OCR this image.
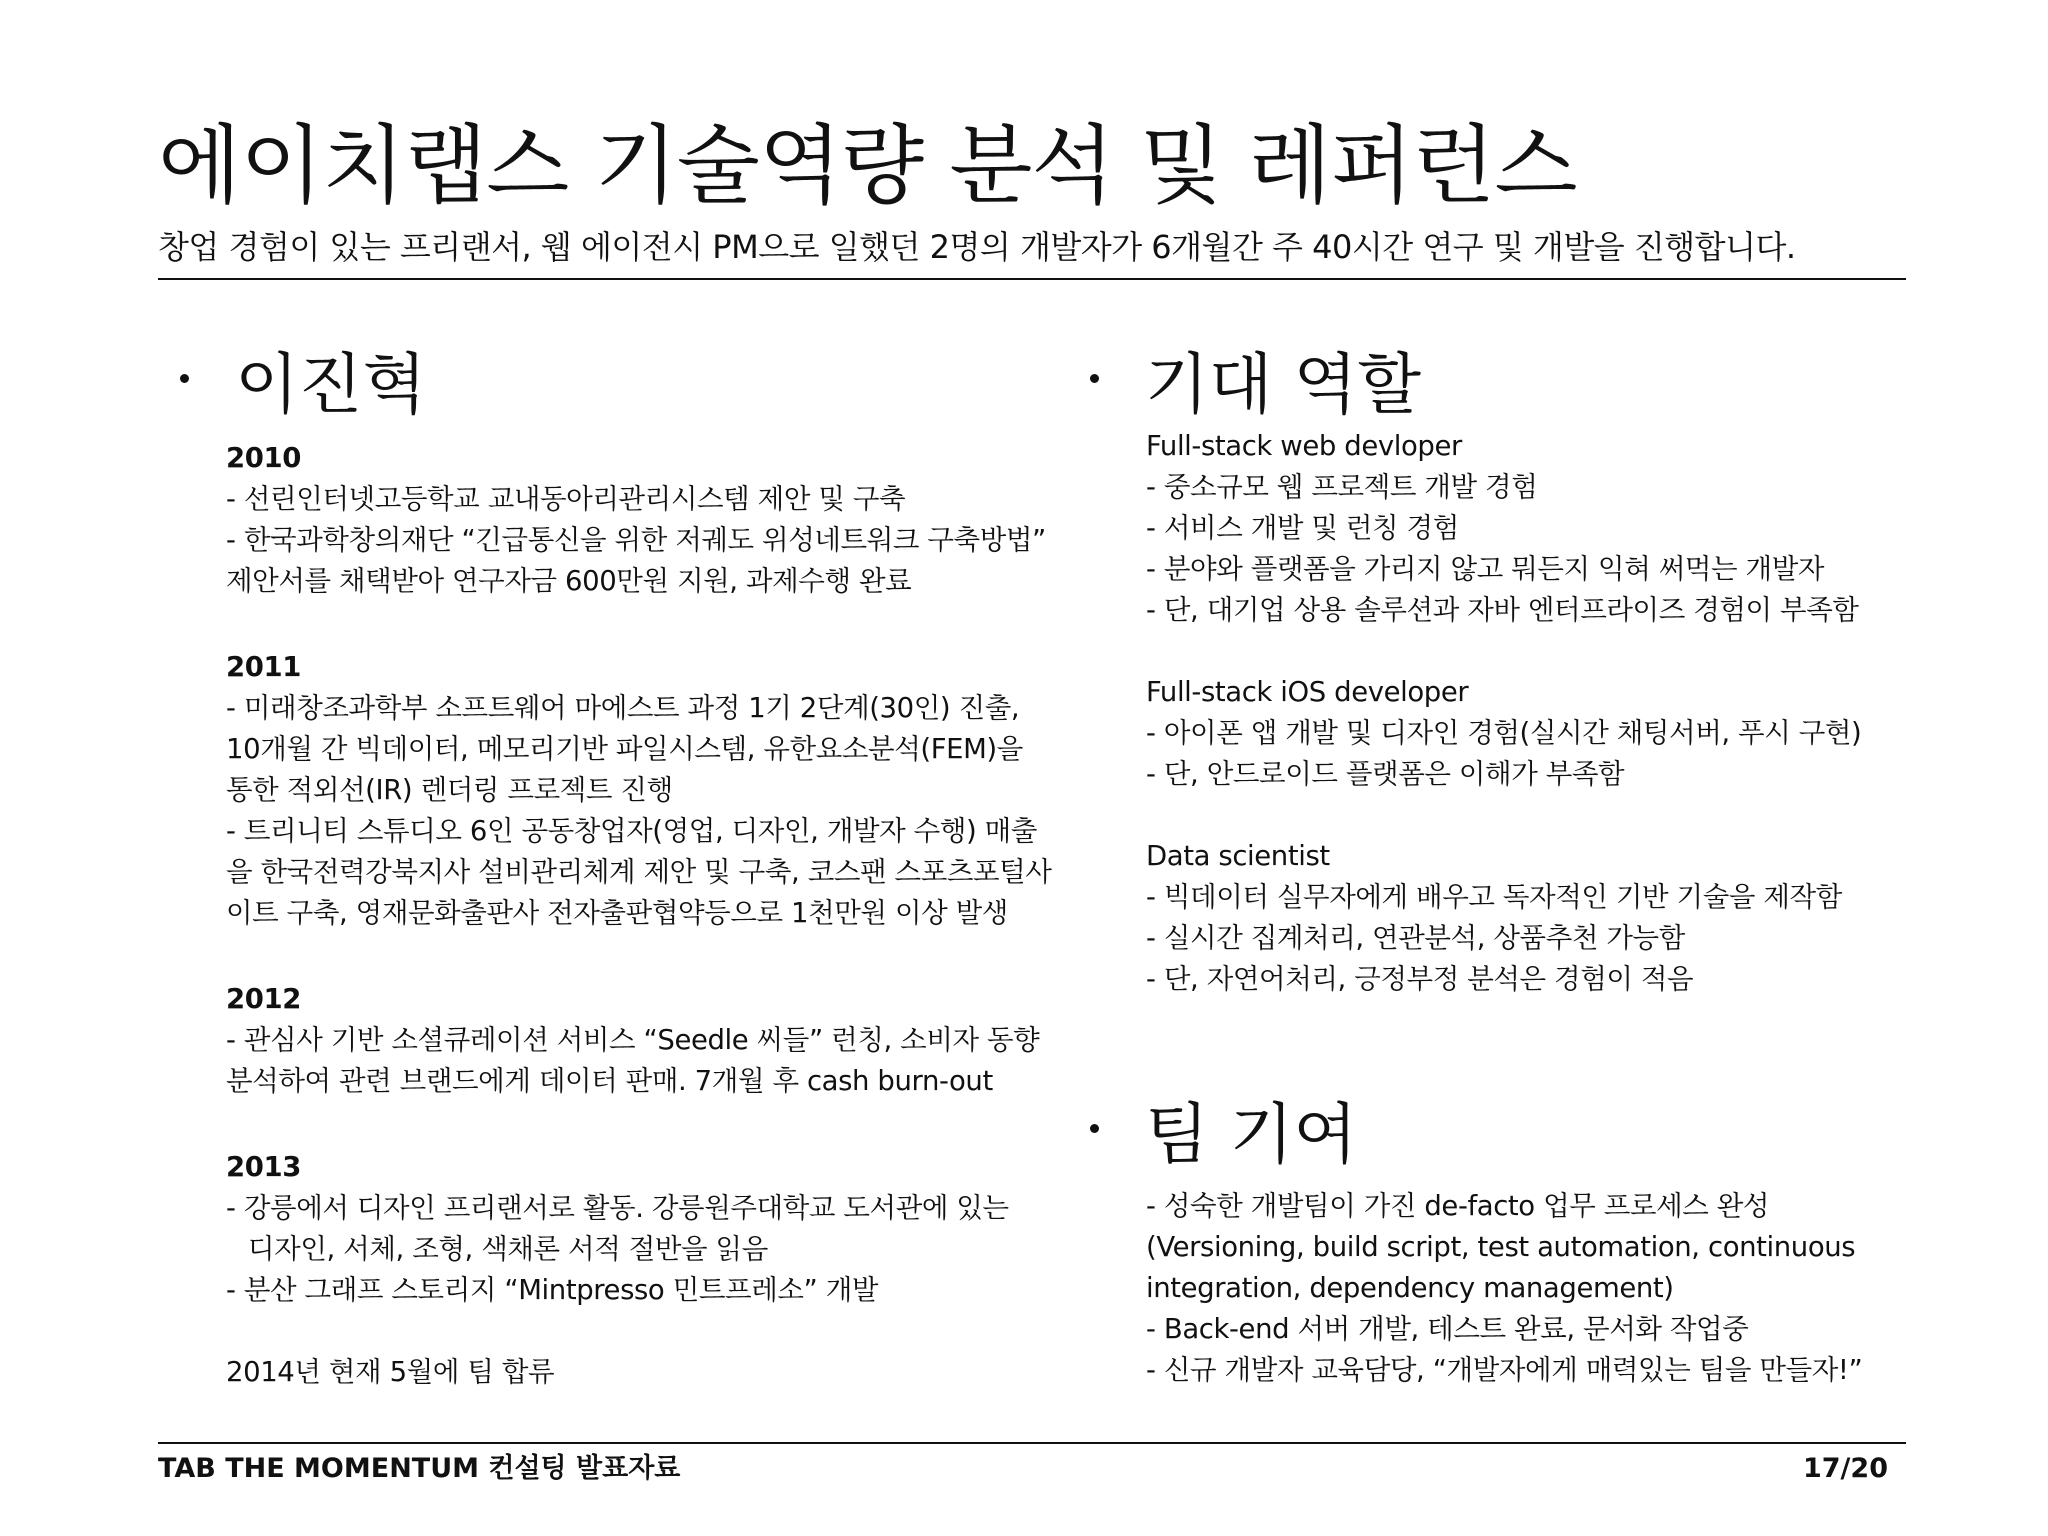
에이치랩스 기술역량 분석 및 레퍼런스
창업 경험이 있는 프리랜서, 웹 에이전시 PM으로 일했던 2명의 개발자가 6개월간 주 40시간 연구 및 개발을 진행합니다.
이진혁
2010
- 선린인터넷고등학교 교내동아리관리시스템 제안 및 구축
- 한국과학창의재단 “긴급통신을 위한 저궤도 위성네트워크 구축방법”
제안서를 채택받아 연구자금 600만원 지원, 과제수행 완료
2011
- 미래창조과학부 소프트웨어 마에스트 과정 1기 2단계(30인) 진출,
10개월 간 빅데이터, 메모리기반 파일시스템, 유한요소분석(FEM)을
통한 적외선(IR) 렌더링 프로젝트 진행
- 트리니티 스튜디오 6인 공동창업자(영업, 디자인, 개발자 수행) 매출
을 한국전력강북지사 설비관리체계 제안 및 구축, 코스팬 스포츠포털사
이트 구축, 영재문화출판사 전자출판협약등으로 1천만원 이상 발생
2012
- 관심사 기반 소셜큐레이션 서비스 “Seedle 씨들” 런칭, 소비자 동향
분석하여 관련 브랜드에게 데이터 판매. 7개월 후 cash burn-out
2013
- 강릉에서 디자인 프리랜서로 활동. 강릉원주대학교 도서관에 있는
디자인, 서체, 조형, 색채론 서적 절반을 읽음
- 분산 그래프 스토리지 “Mintpresso 민트프레소” 개발
2014년 현재 5월에 팀 합류
기대 역할
Full-stack web devloper
- 중소규모 웹 프로젝트 개발 경험
- 서비스 개발 및 런칭 경험
- 분야와 플랫폼을 가리지 않고 뭐든지 익혀 써먹는 개발자
- 단, 대기업 상용 솔루션과 자바 엔터프라이즈 경험이 부족함
Full-stack iOS developer
- 아이폰 앱 개발 및 디자인 경험(실시간 채팅서버, 푸시 구현)
- 단, 안드로이드 플랫폼은 이해가 부족함
Data scientist
- 빅데이터 실무자에게 배우고 독자적인 기반 기술을 제작함
- 실시간 집계처리, 연관분석, 상품추천 가능함
- 단, 자연어처리, 긍정부정 분석은 경험이 적음
팀 기여
- 성숙한 개발팀이 가진 de-facto 업무 프로세스 완성
(Versioning, build script, test automation, continuous
integration, dependency management)
- Back-end 서버 개발, 테스트 완료, 문서화 작업중
- 신규 개발자 교육담당, “개발자에게 매력있는 팀을 만들자!”
TAB THE MOMENTUM 컨설팅 발표자료	17/20
